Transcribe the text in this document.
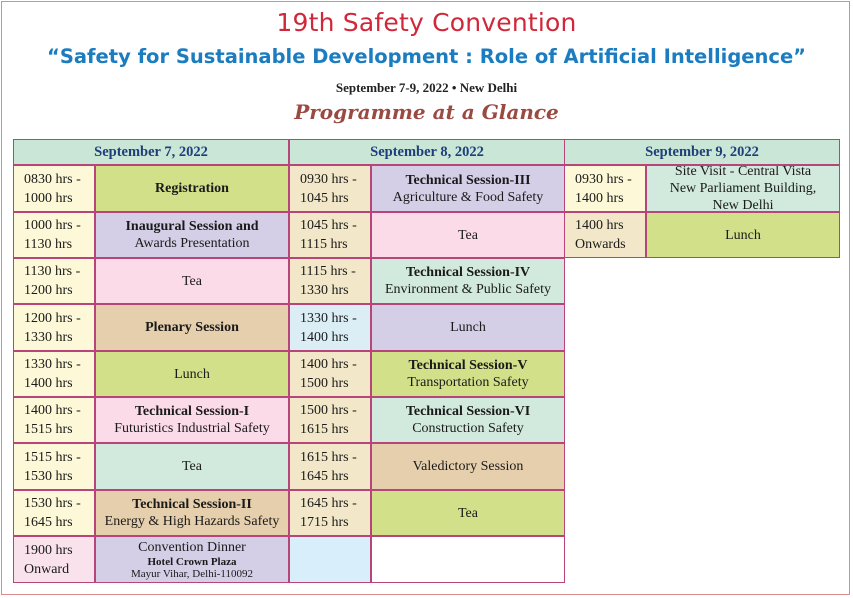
19th Safety Convention
“Safety for Sustainable Development : Role of Artificial Intelligence”
September 7-9, 2022 • New Delhi
Programme at a Glance
September 7, 2022
0830 hrs -
1000 hrs
Registration
1000 hrs -
1130 hrs
Inaugural Session and
Awards Presentation
1130 hrs -
1200 hrs
Tea
1200 hrs -
1330 hrs
Plenary Session
1330 hrs -
1400 hrs
Lunch
1400 hrs -
1515 hrs
Technical Session-I
Futuristics Industrial Safety
1515 hrs -
1530 hrs
Tea
1530 hrs -
1645 hrs
Technical Session-II
Energy & High Hazards Safety
1900 hrs
Onward
Convention Dinner
Hotel Crown Plaza
Mayur Vihar, Delhi-110092
September 8, 2022
0930 hrs -
1045 hrs
Technical Session-III
Agriculture & Food Safety
1045 hrs -
1115 hrs
Tea
1115 hrs -
1330 hrs
Technical Session-IV
Environment & Public Safety
1330 hrs -
1400 hrs
Lunch
1400 hrs -
1500 hrs
Technical Session-V
Transportation Safety
1500 hrs -
1615 hrs
Technical Session-VI
Construction Safety
1615 hrs -
1645 hrs
Valedictory Session
1645 hrs -
1715 hrs
Tea
September 9, 2022
0930 hrs -
1400 hrs
Site Visit - Central Vista
New Parliament Building,
New Delhi
1400 hrs
Onwards
Lunch
